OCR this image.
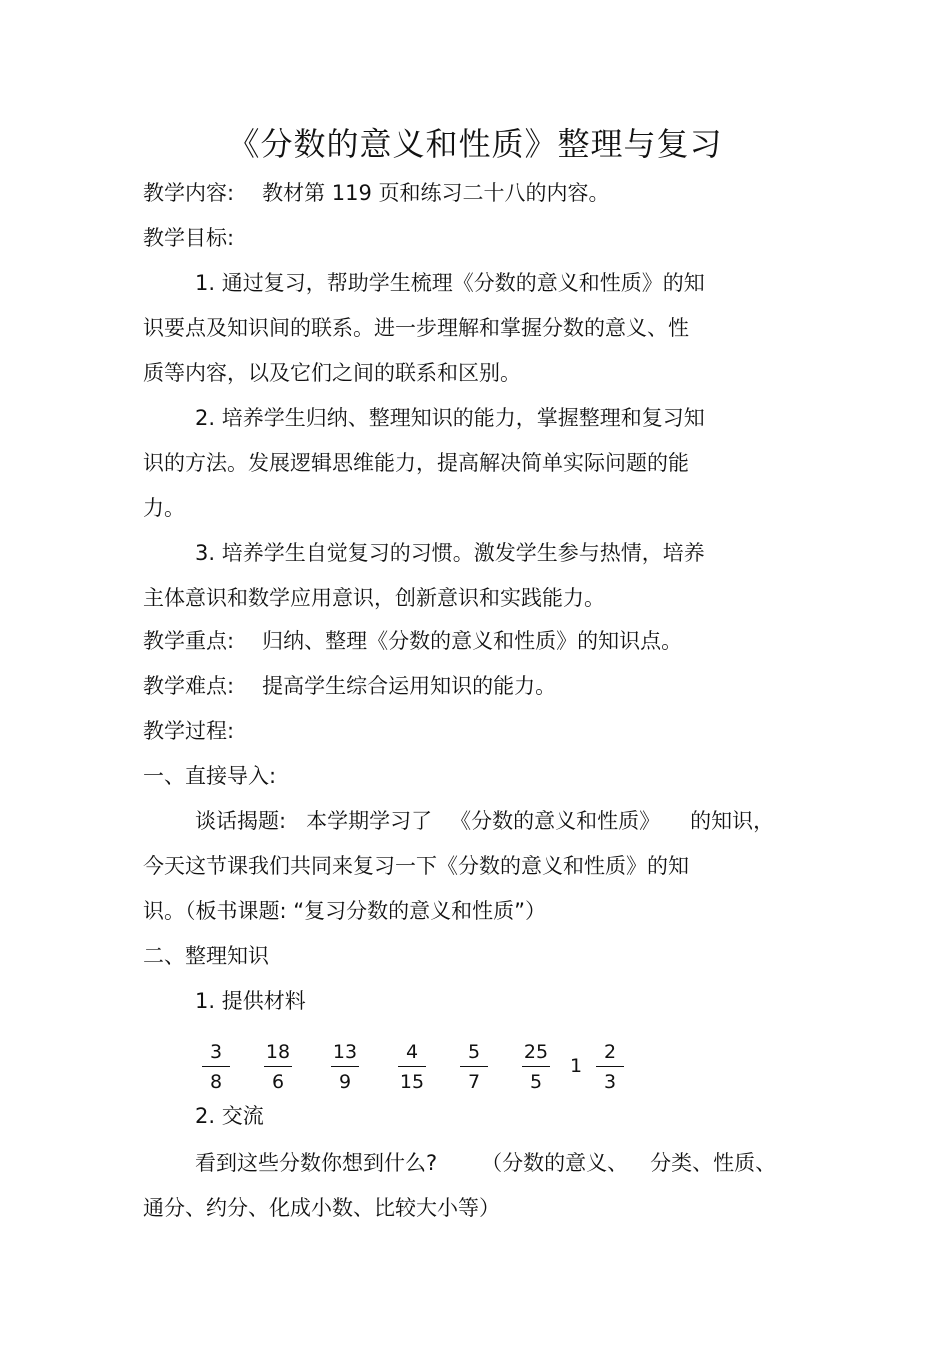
《分数的意义和性质》整理与复习
教学内容: 教材第 119 页和练习二十八的内容。
教学目标:
1. 通过复习，帮助学生梳理《分数的意义和性质》的知
识要点及知识间的联系。进一步理解和掌握分数的意义、性
质等内容，以及它们之间的联系和区别。
2. 培养学生归纳、整理知识的能力，掌握整理和复习知
识的方法。发展逻辑思维能力，提高解决简单实际问题的能
力。
3. 培养学生自觉复习的习惯。激发学生参与热情，培养
主体意识和数学应用意识，创新意识和实践能力。
教学重点: 归纳、整理《分数的意义和性质》的知识点。
教学难点: 提高学生综合运用知识的能力。
教学过程:
一、直接导入:
谈话揭题: 本学期学习了 《分数的意义和性质》 的知识，
今天这节课我们共同来复习一下《分数的意义和性质》的知
识。（板书课题: “复习分数的意义和性质”）
二、整理知识
1. 提供材料
3
8
18
6
13
9
4
15
5
7
25
5
1
2
3
2. 交流
看到这些分数你想到什么? （分数的意义、 分类、性质、
通分、约分、化成小数、比较大小等）
